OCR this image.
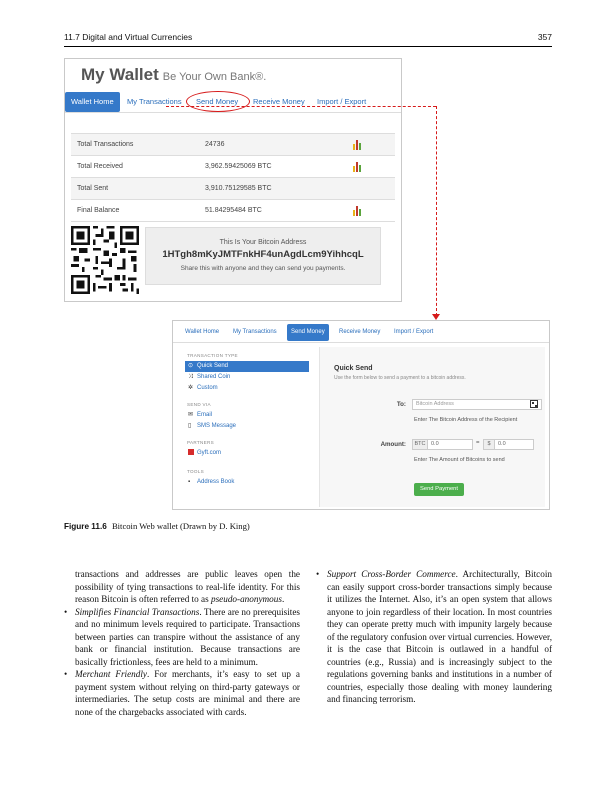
11.7 Digital and Virtual Currencies	357
My Wallet Be Your Own Bank®.
Wallet Home	My Transactions Send Money Receive Money Import / Export
Total Transactions	24736
Total Received	3,962.59425069 BTC
Total Sent	3,910.75129585 BTC
Final Balance	51.84295484 BTC
This Is Your Bitcoin Address
1HTgh8mKyJMTFnkHF4unAgdLcm9YihhcqL
Share this with anyone and they can send you payments.
Wallet Home My Transactions	Send Money	Receive Money Import / Export
TRANSACTION TYPE
⊙ Quick Send
⤨ Shared Coin
✲ Custom
SEND VIA
✉ Email
▯ SMS Message
PARTNERS
Gyft.com
TOOLS
▪ Address Book
Quick Send
Use the form below to send a payment to a bitcoin address.
To:	Bitcoin Address
Enter The Bitcoin Address of the Recipient
Amount:	BTC	0.0	=	$	0.0
Enter The Amount of Bitcoins to send
Send Payment
Figure 11.6 Bitcoin Web wallet (Drawn by D. King)

transactions and addresses are public leaves open the possibility of tying transactions to real-life identity. For this reason Bitcoin is often referred to as pseudo-anonymous.

• Simplifies Financial Transactions. There are no prerequisites and no minimum levels required to participate. Transactions between parties can transpire without the assistance of any bank or financial institution. Because transactions are basically frictionless, fees are held to a minimum.

• Merchant Friendly. For merchants, it’s easy to set up a payment system without relying on third-party gateways or intermediaries. The setup costs are minimal and there are none of the chargebacks associated with cards.

• Support Cross-Border Commerce. Architecturally, Bitcoin can easily support cross-border transactions simply because it utilizes the Internet. Also, it’s an open system that allows anyone to join regardless of their location. In most countries they can operate pretty much with impunity largely because of the regulatory confusion over virtual currencies. However, it is the case that Bitcoin is outlawed in a handful of countries (e.g., Russia) and is increasingly subject to the regulations governing banks and institutions in a number of countries, especially those dealing with money laundering and financing terrorism.
